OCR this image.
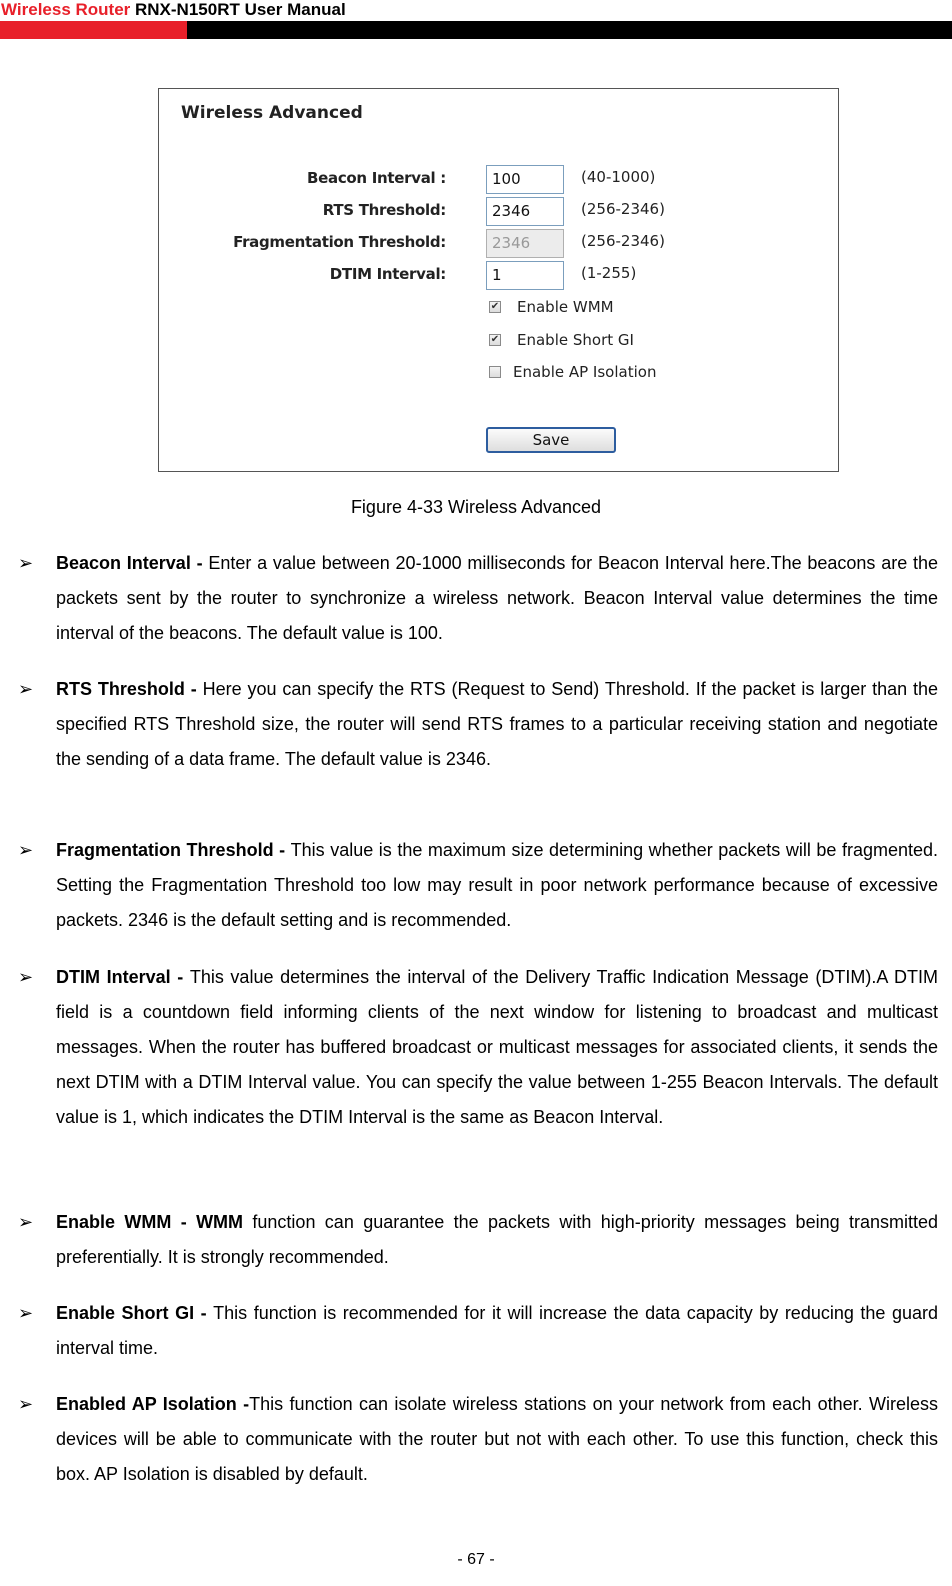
Wireless Router RNX-N150RT User Manual
Wireless Advanced
Beacon Interval :	100	(40-1000)
RTS Threshold:	2346	(256-2346)
Fragmentation Threshold:	2346	(256-2346)
DTIM Interval:	1	(1-255)
✔ Enable WMM
✔ Enable Short GI
Enable AP Isolation
Save
Figure 4-33 Wireless Advanced
➢	Beacon Interval - Enter a value between 20-1000 milliseconds for Beacon Interval here.The beacons are the packets sent by the router to synchronize a wireless network. Beacon Interval value determines the time interval of the beacons. The default value is 100.
➢	RTS Threshold - Here you can specify the RTS (Request to Send) Threshold. If the packet is larger than the specified RTS Threshold size, the router will send RTS frames to a particular receiving station and negotiate the sending of a data frame. The default value is 2346.
➢	Fragmentation Threshold - This value is the maximum size determining whether packets will be fragmented. Setting the Fragmentation Threshold too low may result in poor network performance because of excessive packets. 2346 is the default setting and is recommended.
➢	DTIM Interval - This value determines the interval of the Delivery Traffic Indication Message (DTIM).A DTIM field is a countdown field informing clients of the next window for listening to broadcast and multicast messages. When the router has buffered broadcast or multicast messages for associated clients, it sends the next DTIM with a DTIM Interval value. You can specify the value between 1-255 Beacon Intervals. The default value is 1, which indicates the DTIM Interval is the same as Beacon Interval.
➢	Enable WMM - WMM function can guarantee the packets with high-priority messages being transmitted preferentially. It is strongly recommended.
➢	Enable Short GI - This function is recommended for it will increase the data capacity by reducing the guard interval time.
➢	Enabled AP Isolation -This function can isolate wireless stations on your network from each other. Wireless devices will be able to communicate with the router but not with each other. To use this function, check this box. AP Isolation is disabled by default.
- 67 -
